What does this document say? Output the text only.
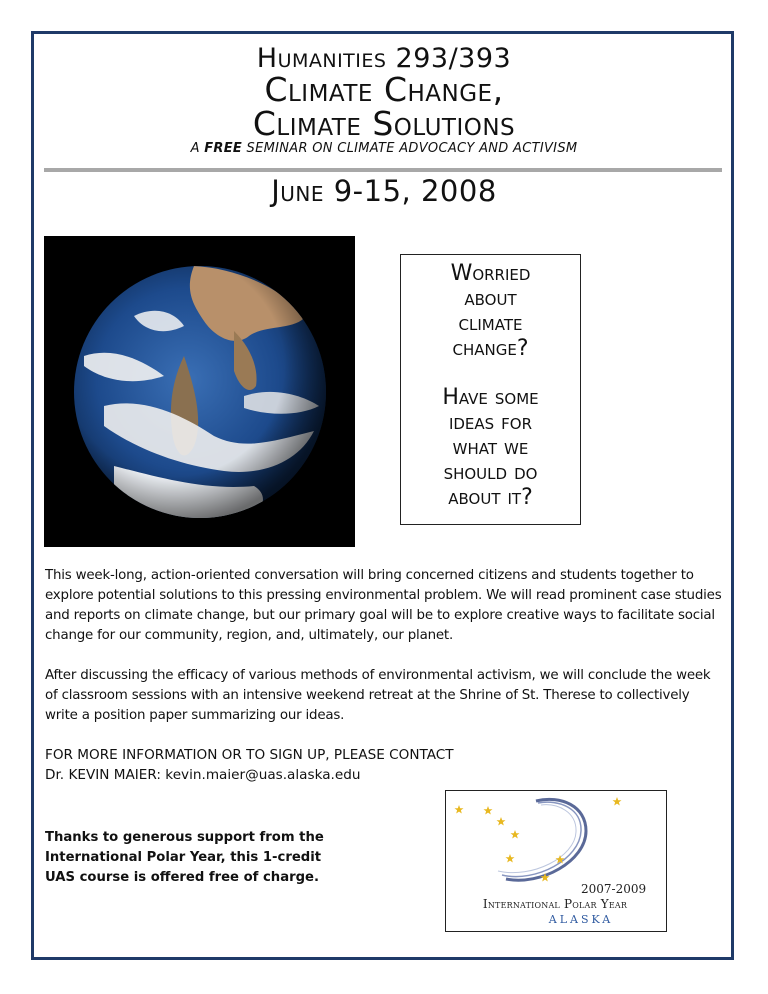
Humanities 293/393
Climate Change,
Climate Solutions
A FREE SEMINAR ON CLIMATE ADVOCACY AND ACTIVISM
June 9-15, 2008
Worried
about
climate
change?
Have some
ideas for
what we
should do
about it?
This week-long, action-oriented conversation will bring concerned citizens and students together to explore potential solutions to this pressing environmental problem. We will read prominent case studies and reports on climate change, but our primary goal will be to explore creative ways to facilitate social change for our community, region, and, ultimately, our planet.
After discussing the efficacy of various methods of environmental activism, we will conclude the week of classroom sessions with an intensive weekend retreat at the Shrine of St. Therese to collectively write a position paper summarizing our ideas.
FOR MORE INFORMATION OR TO SIGN UP, PLEASE CONTACT
Dr. KEVIN MAIER: kevin.maier@uas.alaska.edu
Thanks to generous support from the International Polar Year, this 1-credit UAS course is offered free of charge.
2007-2009
International Polar Year
ALASKA
